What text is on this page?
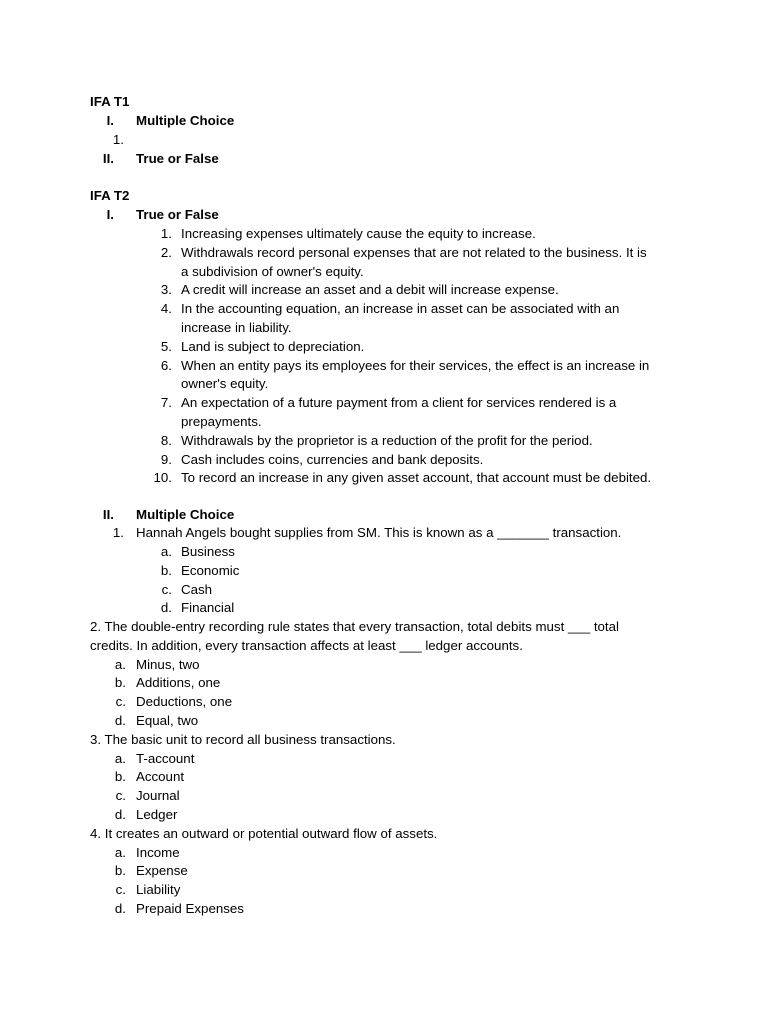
IFA T1
I. Multiple Choice
1.
II. True or False
IFA T2
I. True or False
1. Increasing expenses ultimately cause the equity to increase.
2. Withdrawals record personal expenses that are not related to the business. It is
a subdivision of owner's equity.
3. A credit will increase an asset and a debit will increase expense.
4. In the accounting equation, an increase in asset can be associated with an
increase in liability.
5. Land is subject to depreciation.
6. When an entity pays its employees for their services, the effect is an increase in
owner's equity.
7. An expectation of a future payment from a client for services rendered is a
prepayments.
8. Withdrawals by the proprietor is a reduction of the profit for the period.
9. Cash includes coins, currencies and bank deposits.
10. To record an increase in any given asset account, that account must be debited.
II. Multiple Choice
1. Hannah Angels bought supplies from SM. This is known as a _______ transaction.
a. Business
b. Economic
c. Cash
d. Financial
2. The double-entry recording rule states that every transaction, total debits must ___ total
credits. In addition, every transaction affects at least ___ ledger accounts.
a. Minus, two
b. Additions, one
c. Deductions, one
d. Equal, two
3. The basic unit to record all business transactions.
a. T-account
b. Account
c. Journal
d. Ledger
4. It creates an outward or potential outward flow of assets.
a. Income
b. Expense
c. Liability
d. Prepaid Expenses
